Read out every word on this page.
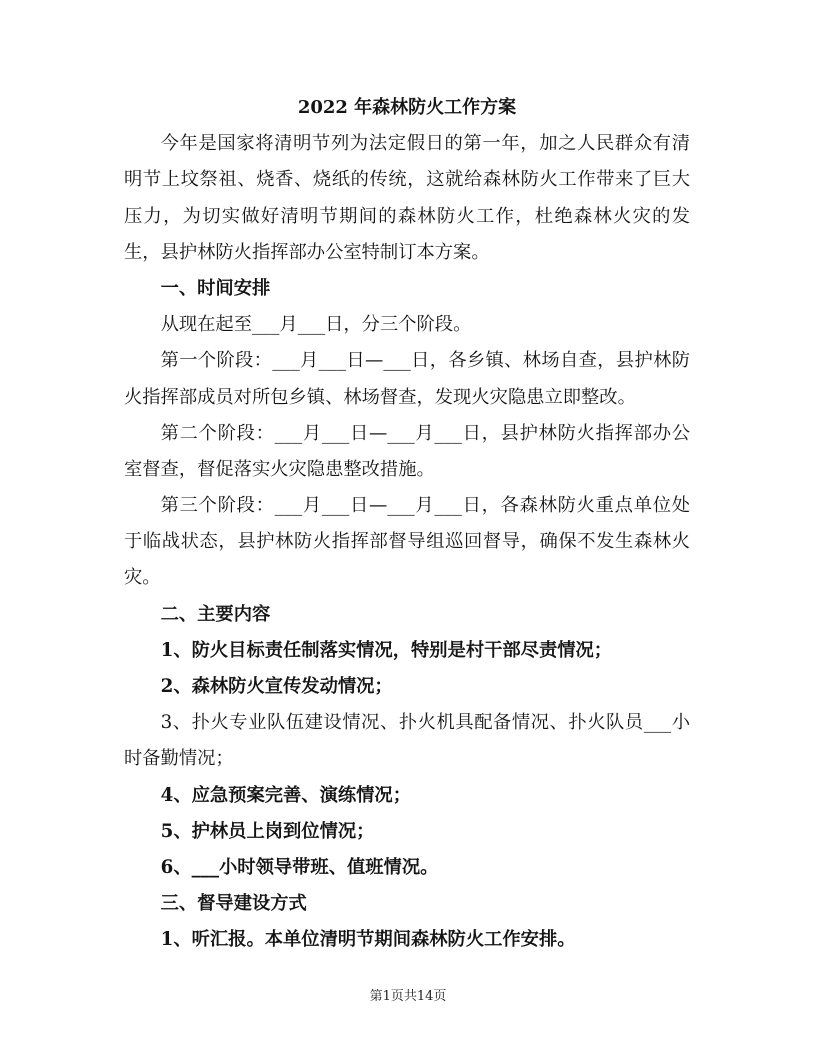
2022 年森林防火工作方案
今年是国家将清明节列为法定假日的第一年，加之人民群众有清
明节上坟祭祖、烧香、烧纸的传统，这就给森林防火工作带来了巨大
压力，为切实做好清明节期间的森林防火工作，杜绝森林火灾的发
生，县护林防火指挥部办公室特制订本方案。
一、时间安排
从现在起至___月___日，分三个阶段。
第一个阶段：___月___日—___日，各乡镇、林场自查，县护林防
火指挥部成员对所包乡镇、林场督查，发现火灾隐患立即整改。
第二个阶段：___月___日—___月___日，县护林防火指挥部办公
室督查，督促落实火灾隐患整改措施。
第三个阶段：___月___日—___月___日，各森林防火重点单位处
于临战状态，县护林防火指挥部督导组巡回督导，确保不发生森林火
灾。
二、主要内容
1、防火目标责任制落实情况，特别是村干部尽责情况；
2、森林防火宣传发动情况；
3、扑火专业队伍建设情况、扑火机具配备情况、扑火队员___小
时备勤情况；
4、应急预案完善、演练情况；
5、护林员上岗到位情况；
6、___小时领导带班、值班情况。
三、督导建设方式
1、听汇报。本单位清明节期间森林防火工作安排。
第1页共14页
